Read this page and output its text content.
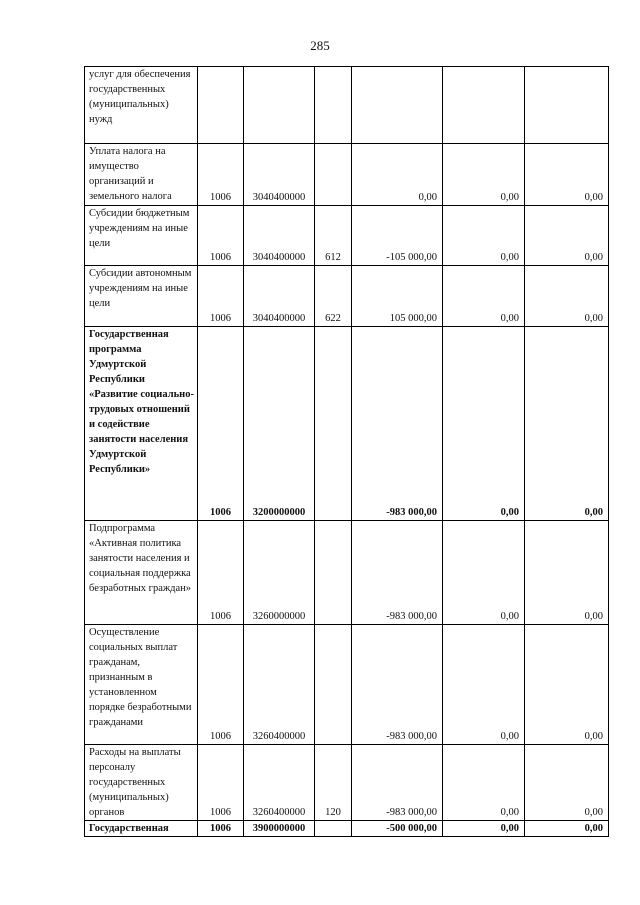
285
услуг для обеспечения государственных (муниципальных) нужд						
Уплата налога на имущество организаций и земельного налога	1006	3040400000		0,00	0,00	0,00
Субсидии бюджетным учреждениям на иные цели	1006	3040400000	612	-105 000,00	0,00	0,00
Субсидии автономным учреждениям на иные цели	1006	3040400000	622	105 000,00	0,00	0,00
Государственная программа Удмуртской Республики «Развитие социально-трудовых отношений и содействие занятости населения Удмуртской Республики»	1006	3200000000		-983 000,00	0,00	0,00
Подпрограмма «Активная политика занятости населения и социальная поддержка безработных граждан»	1006	3260000000		-983 000,00	0,00	0,00
Осуществление социальных выплат гражданам, признанным в установленном порядке безработными гражданами	1006	3260400000		-983 000,00	0,00	0,00
Расходы на выплаты персоналу государственных (муниципальных) органов	1006	3260400000	120	-983 000,00	0,00	0,00
Государственная	1006	3900000000		-500 000,00	0,00	0,00
